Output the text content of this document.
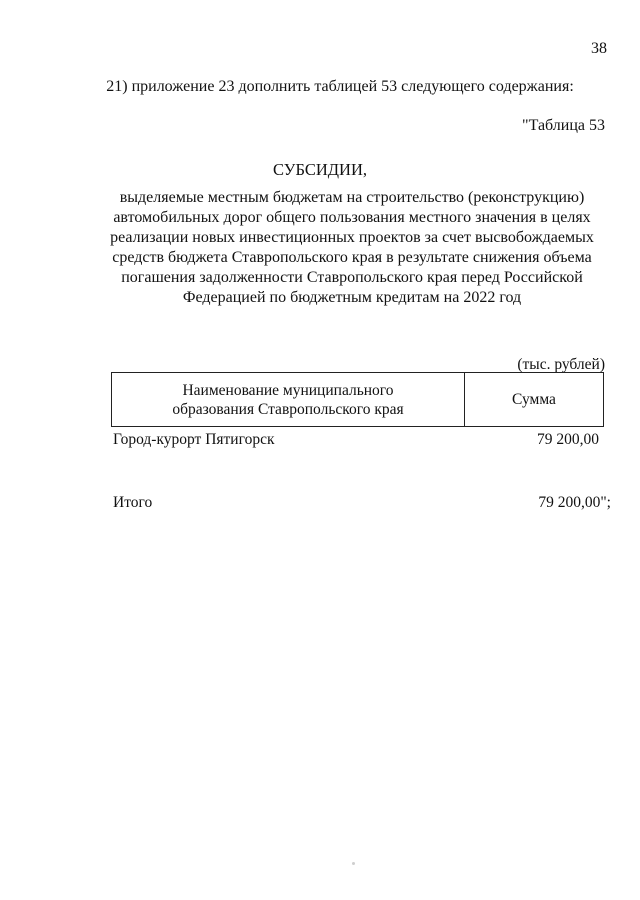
38
21) приложение 23 дополнить таблицей 53 следующего содержания:
"Таблица 53
СУБСИДИИ,
выделяемые местным бюджетам на строительство (реконструкцию)
автомобильных дорог общего пользования местного значения в целях
реализации новых инвестиционных проектов за счет высвобождаемых
средств бюджета Ставропольского края в результате снижения объема
погашения задолженности Ставропольского края перед Российской
Федерацией по бюджетным кредитам на 2022 год
(тыс. рублей)
Наименование муниципального
образования Ставропольского края
Сумма
Город-курорт Пятигорск	79 200,00
Итого	79 200,00";
